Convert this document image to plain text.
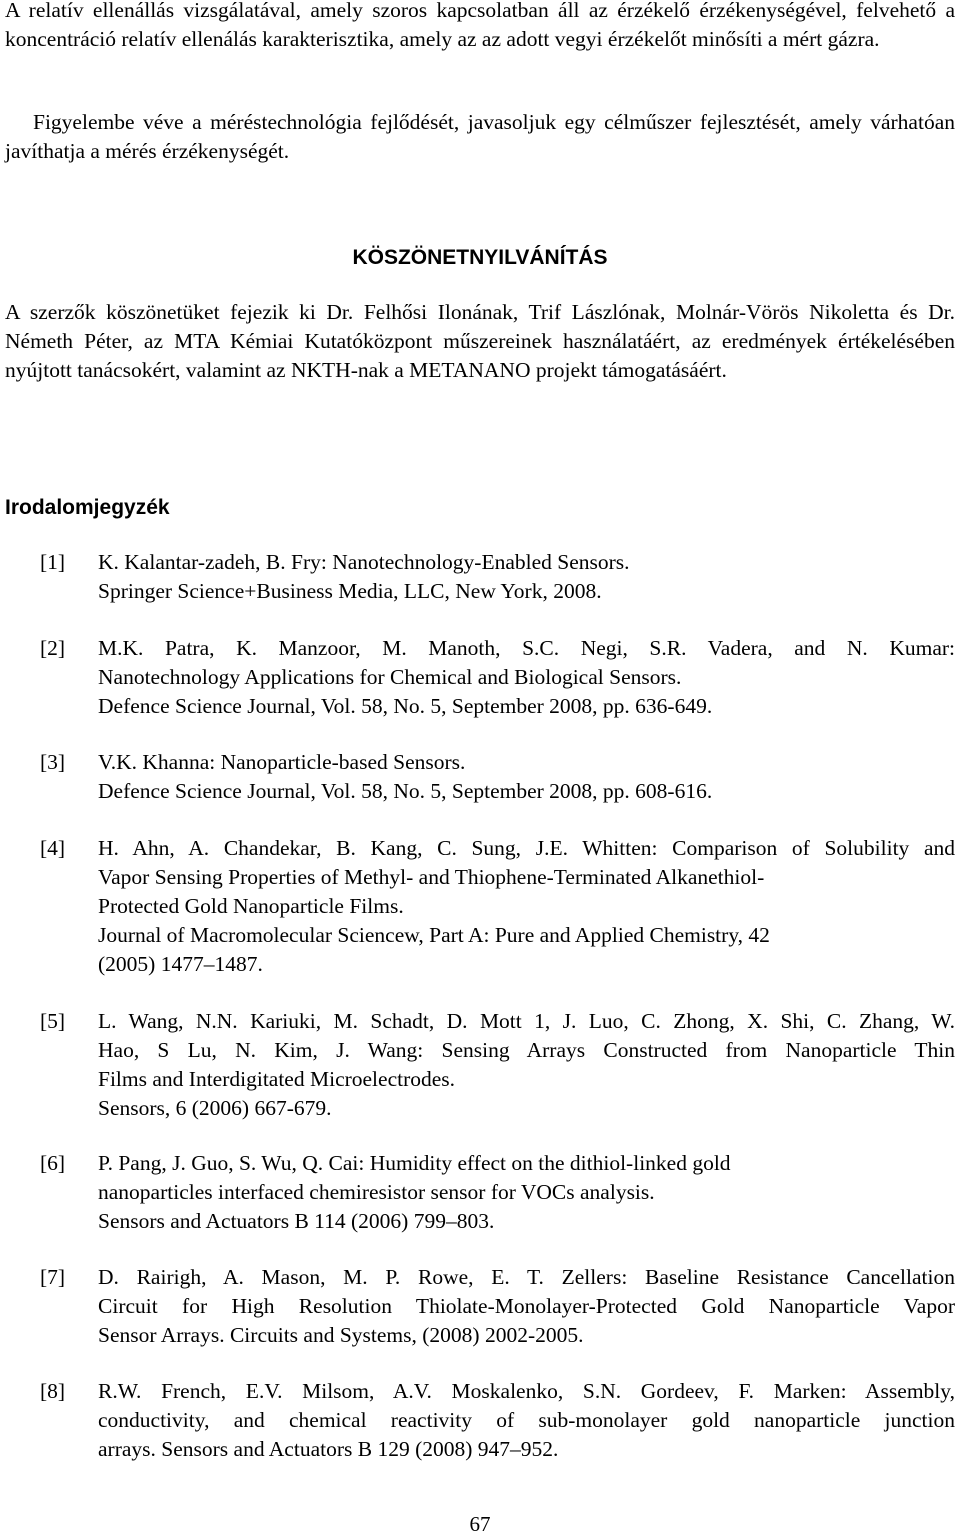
A relatív ellenállás vizsgálatával, amely szoros kapcsolatban áll az érzékelő érzékenységével, felvehető a koncentráció relatív ellenálás karakterisztika, amely az az adott vegyi érzékelőt minősíti a mért gázra.

Figyelembe véve a méréstechnológia fejlődését, javasoljuk egy célműszer fejlesztését, amely várhatóan javíthatja a mérés érzékenységét.

KÖSZÖNETNYILVÁNÍTÁS

A szerzők köszönetüket fejezik ki Dr. Felhősi Ilonának, Trif Lászlónak, Molnár-Vörös Nikoletta és Dr. Németh Péter, az MTA Kémiai Kutatóközpont műszereinek használatáért, az eredmények értékelésében nyújtott tanácsokért, valamint az NKTH-nak a METANANO projekt támogatásáért.

Irodalomjegyzék
[1]	K. Kalantar-zadeh, B. Fry: Nanotechnology-Enabled Sensors.
Springer Science+Business Media, LLC, New York, 2008.
[2]	M.K. Patra, K. Manzoor, M. Manoth, S.C. Negi, S.R. Vadera, and N. Kumar:
Nanotechnology Applications for Chemical and Biological Sensors.
Defence Science Journal, Vol. 58, No. 5, September 2008, pp. 636-649.
[3]	V.K. Khanna: Nanoparticle-based Sensors.
Defence Science Journal, Vol. 58, No. 5, September 2008, pp. 608-616.
[4]	H. Ahn, A. Chandekar, B. Kang, C. Sung, J.E. Whitten: Comparison of Solubility and
Vapor Sensing Properties of Methyl- and Thiophene-Terminated Alkanethiol-
Protected Gold Nanoparticle Films.
Journal of Macromolecular Sciencew, Part A: Pure and Applied Chemistry, 42
(2005) 1477–1487.
[5]	L. Wang, N.N. Kariuki, M. Schadt, D. Mott 1, J. Luo, C. Zhong, X. Shi, C. Zhang, W.
Hao, S Lu, N. Kim, J. Wang: Sensing Arrays Constructed from Nanoparticle Thin
Films and Interdigitated Microelectrodes.
Sensors, 6 (2006) 667-679.
[6]	P. Pang, J. Guo, S. Wu, Q. Cai: Humidity effect on the dithiol-linked gold
nanoparticles interfaced chemiresistor sensor for VOCs analysis.
Sensors and Actuators B 114 (2006) 799–803.
[7]	D. Rairigh, A. Mason, M. P. Rowe, E. T. Zellers: Baseline Resistance Cancellation
Circuit for High Resolution Thiolate-Monolayer-Protected Gold Nanoparticle Vapor
Sensor Arrays. Circuits and Systems, (2008) 2002-2005.
[8]	R.W. French, E.V. Milsom, A.V. Moskalenko, S.N. Gordeev, F. Marken: Assembly,
conductivity, and chemical reactivity of sub-monolayer gold nanoparticle junction
arrays. Sensors and Actuators B 129 (2008) 947–952.
67
